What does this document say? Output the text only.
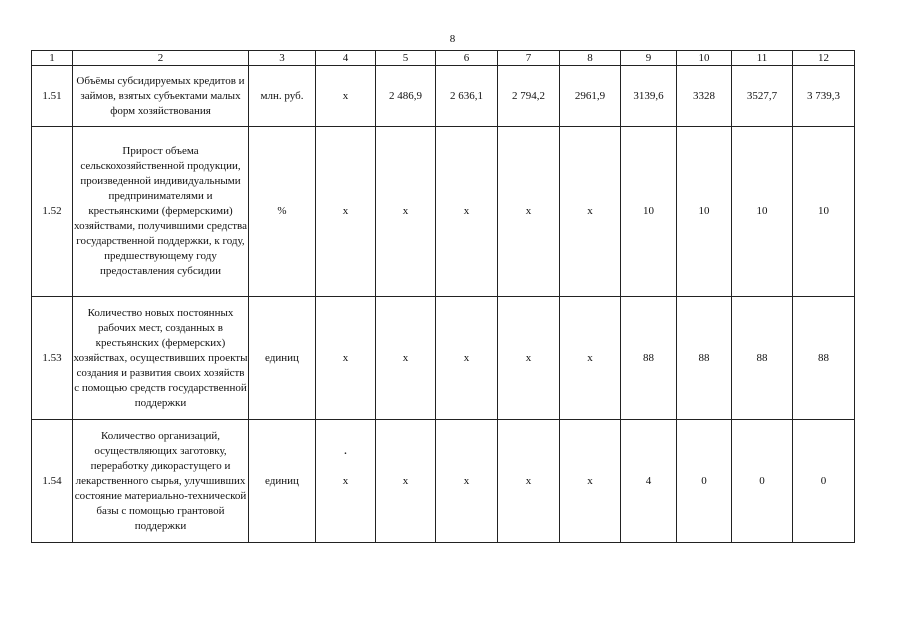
8
1	2	3	4	5	6	7	8	9	10	11	12
1.51	Объёмы субсидируемых кредитов и займов, взятых субъектами малых форм хозяйствования	млн. руб.	x	2 486,9	2 636,1	2 794,2	2961,9	3139,6	3328	3527,7	3 739,3
1.52	Прирост объема сельскохозяйственной продукции, произведенной индивидуальными предпринимателями и крестьянскими (фермерскими) хозяйствами, получившими средства государственной поддержки, к году, предшествующему году предоставления субсидии	%	x	x	x	x	x	10	10	10	10
1.53	Количество новых постоянных рабочих мест, созданных в крестьянских (фермерских) хозяйствах, осуществивших проекты создания и развития своих хозяйств с помощью средств государственной поддержки	единиц	x	x	x	x	x	88	88	88	88
1.54	Количество организаций, осуществляющих заготовку, переработку дикорастущего и лекарственного сырья, улучшивших состояние материально-технической базы с помощью грантовой поддержки	единиц	x	x	x	x	x	4	0	0	0
